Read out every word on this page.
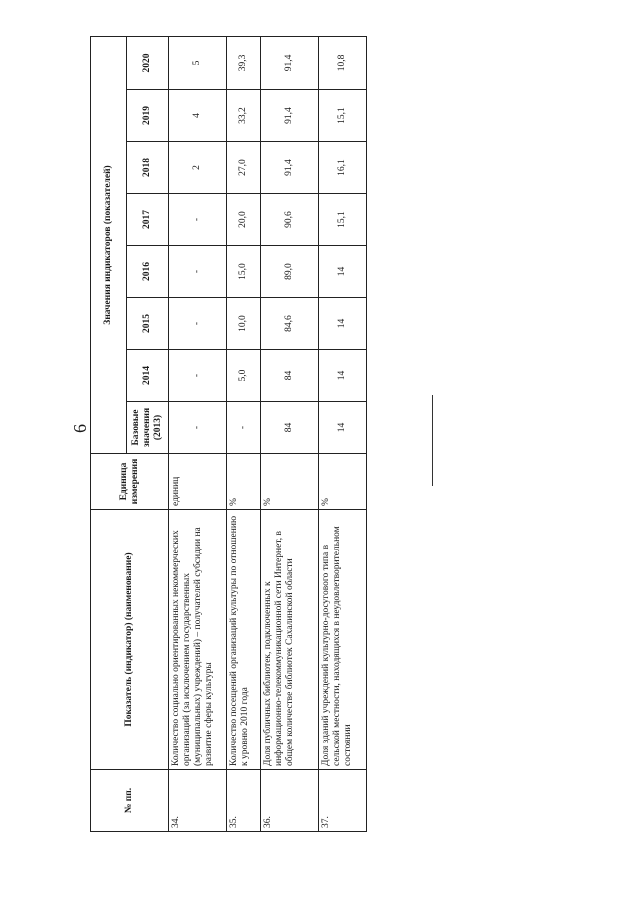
6
№ пп.	Показатель (индикатор) (наименование)	Единица измерения	Значения индикаторов (показателей)							
			Базовые значения (2013)	2014	2015	2016	2017	2018	2019	2020
34.	Количество социально ориентированных некоммерческих организаций (за исключением государственных (муниципальных) учреждений) – получателей субсидии на развитие сферы культуры	единиц	-	-	-	-	-	2	4	5
35.	Количество посещений организаций культуры по отношению к уровню 2010 года	%	-	5,0	10,0	15,0	20,0	27,0	33,2	39,3
36.	Доля публичных библиотек, подключенных к информационно-телекоммуникационной сети Интернет, в общем количестве библиотек Сахалинской области	%	84	84	84,6	89,0	90,6	91,4	91,4	91,4
37.	Доля зданий учреждений культурно-досугового типа в сельской местности, находящихся в неудовлетворительном состоянии	%	14	14	14	14	15,1	16,1	15,1	10,8
